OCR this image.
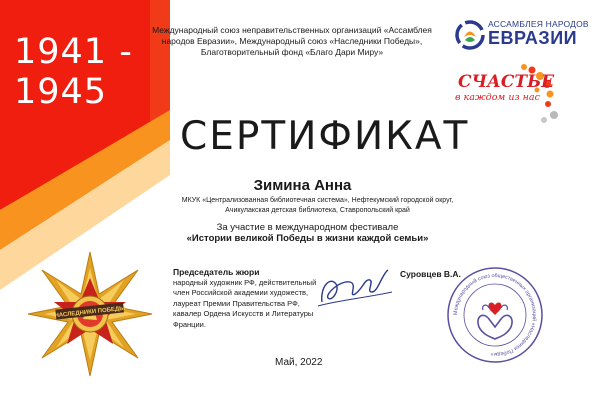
1941 -
1945
Международный союз неправительственных организаций «Ассамблея народов Евразии», Международный союз «Наследники Победы», Благотворительный фонд «Благо Дари Миру»
АССАМБЛЕЯ НАРОДОВ
ЕВРАЗИИ
СЧАСТЬЕ
в каждом из нас
СЕРТИФИКАТ
Зимина Анна
МКУК «Централизованная библиотечная система», Нефтекумский городской округ, Ачикулакская детская библиотека, Ставропольский край
За участие в международном фестивале
«Истории великой Победы в жизни каждой семьи»
Председатель жюри
народный художник РФ, действительный член Российской академии художеств, лауреат Премии Правительства РФ, кавалер Ордена Искусств и Литературы Франции.
Суровцев В.А.
Международный союз общественных организаций «Наследники Победы»
Май, 2022
НАСЛЕДНИКИ ПОБЕДЫ
